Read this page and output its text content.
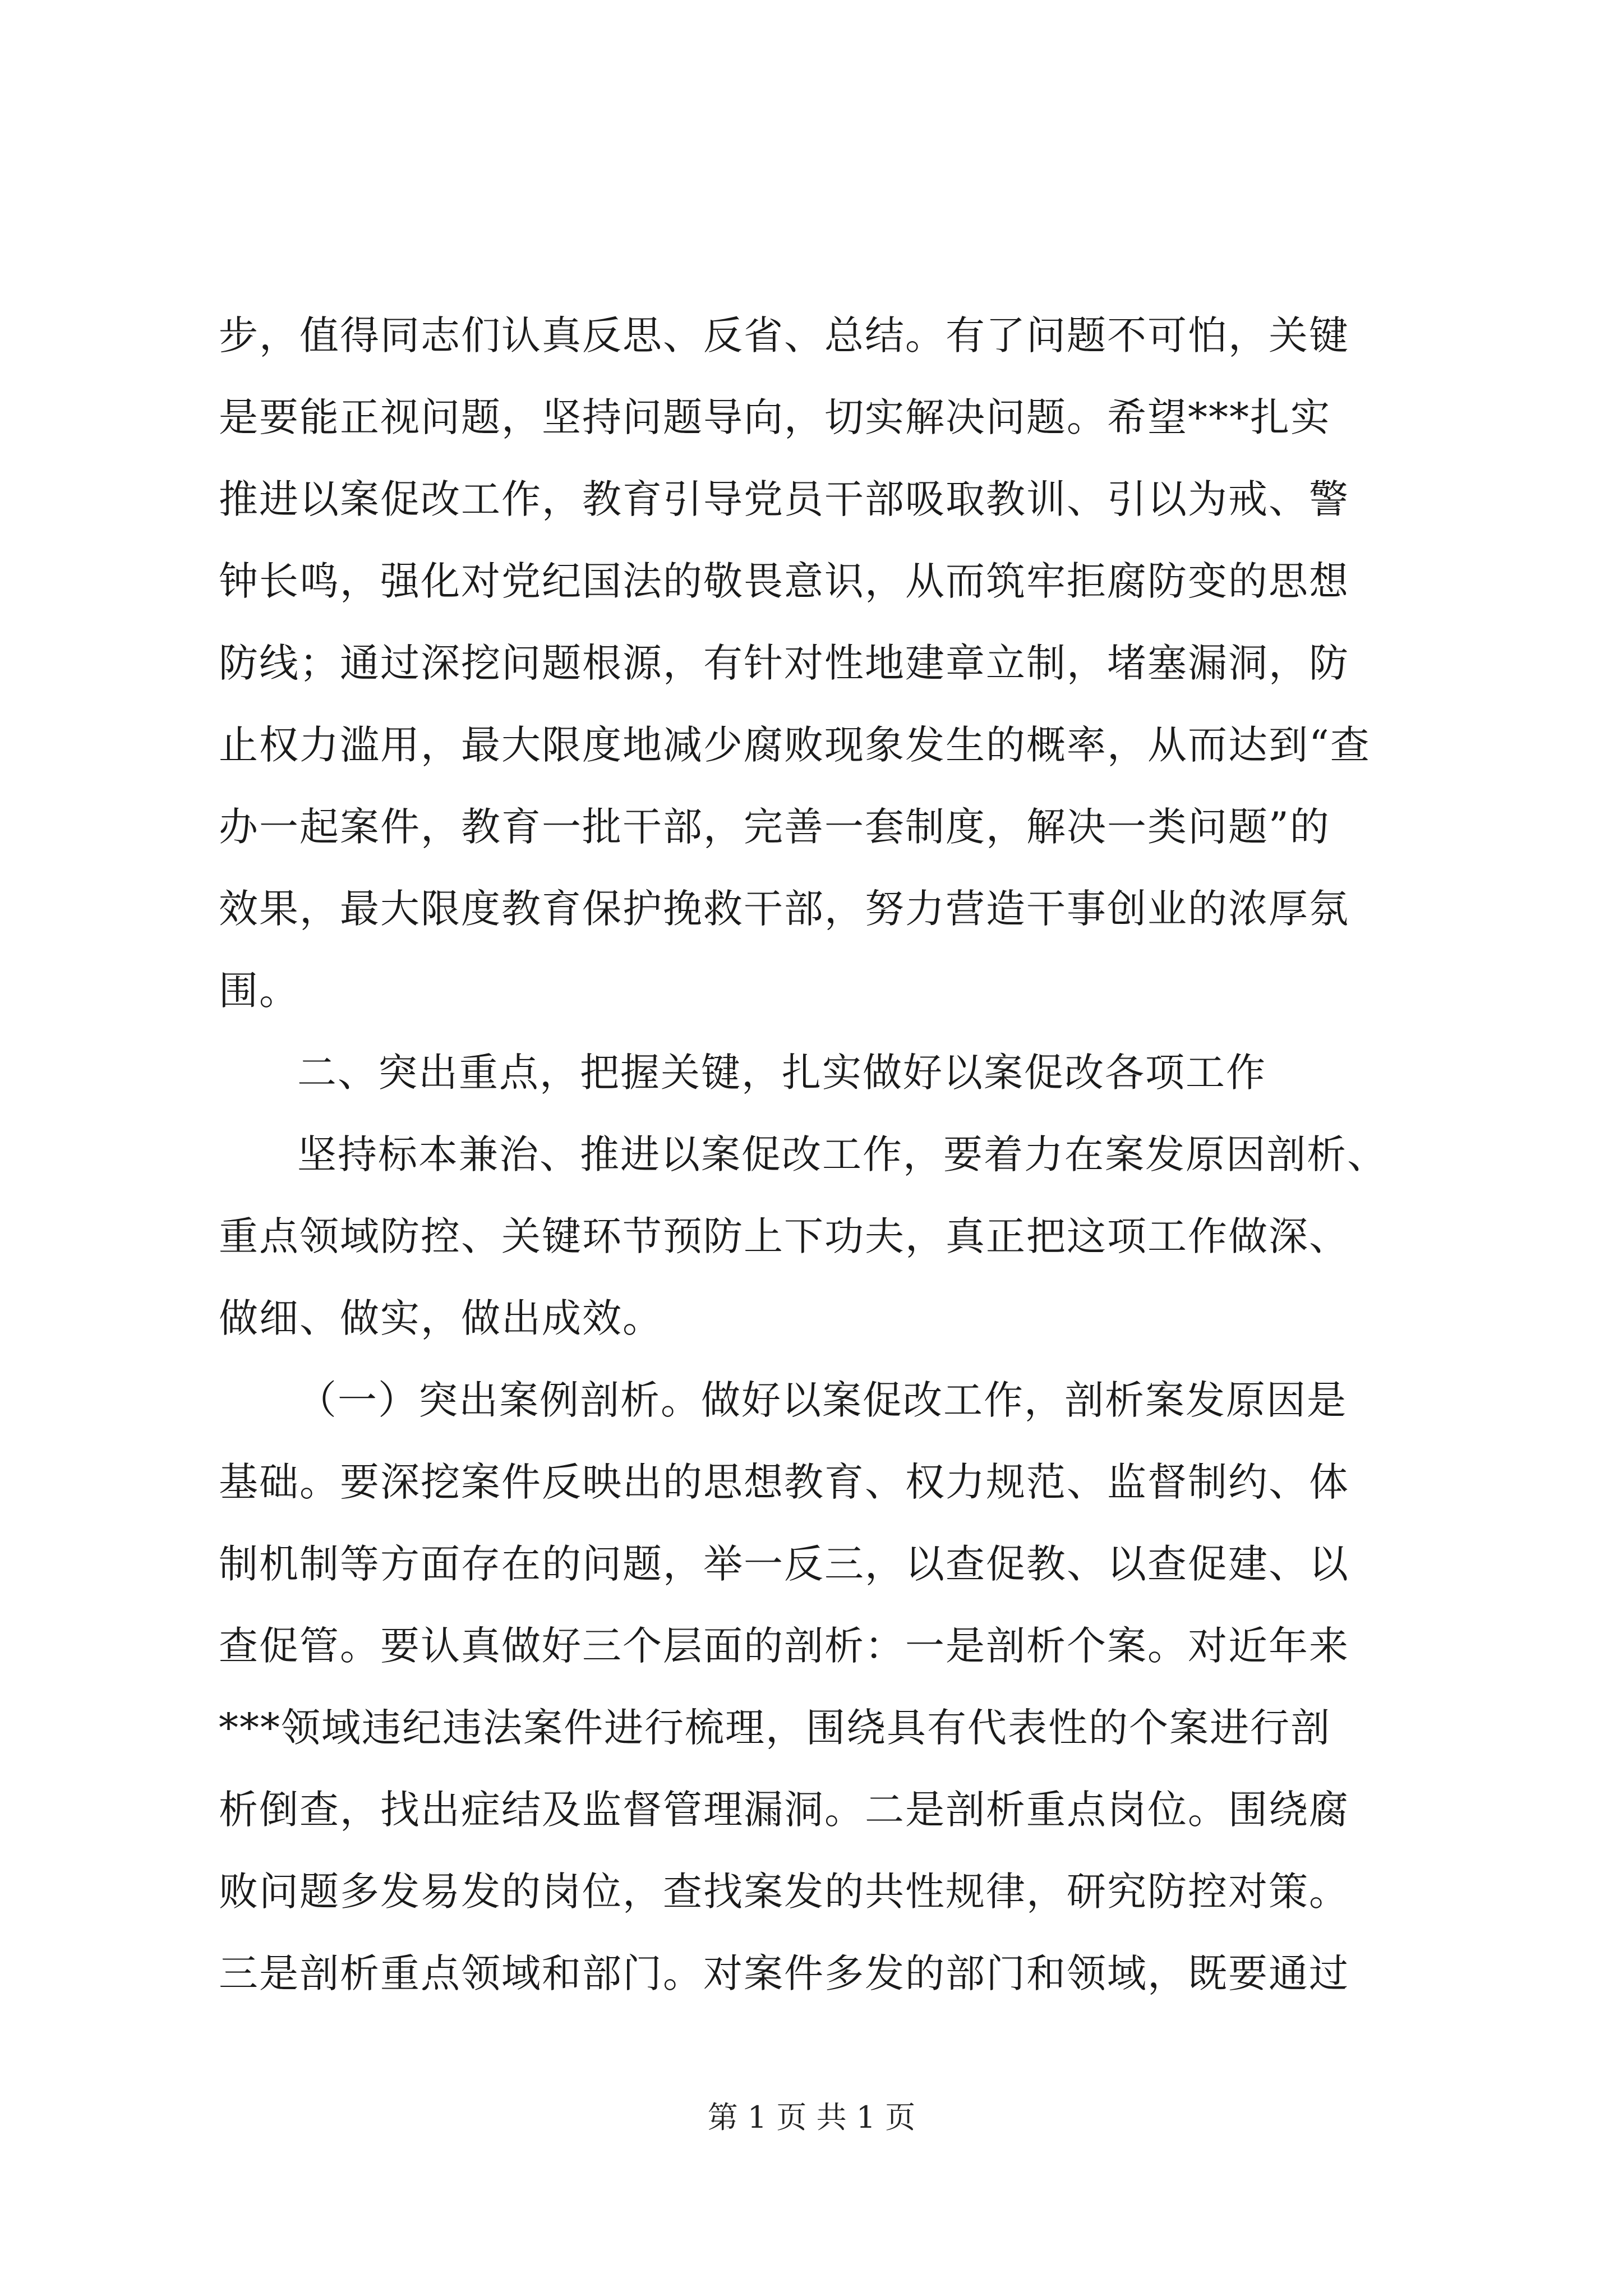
步，值得同志们认真反思、反省、总结。有了问题不可怕，关键
是要能正视问题，坚持问题导向，切实解决问题。希望***扎实
推进以案促改工作，教育引导党员干部吸取教训、引以为戒、警
钟长鸣，强化对党纪国法的敬畏意识，从而筑牢拒腐防变的思想
防线；通过深挖问题根源，有针对性地建章立制，堵塞漏洞，防
止权力滥用，最大限度地减少腐败现象发生的概率，从而达到“查
办一起案件，教育一批干部，完善一套制度，解决一类问题”的
效果，最大限度教育保护挽救干部，努力营造干事创业的浓厚氛
围。
二、突出重点，把握关键，扎实做好以案促改各项工作
坚持标本兼治、推进以案促改工作，要着力在案发原因剖析、
重点领域防控、关键环节预防上下功夫，真正把这项工作做深、
做细、做实，做出成效。
（一）突出案例剖析。做好以案促改工作，剖析案发原因是
基础。要深挖案件反映出的思想教育、权力规范、监督制约、体
制机制等方面存在的问题，举一反三，以查促教、以查促建、以
查促管。要认真做好三个层面的剖析：一是剖析个案。对近年来
***领域违纪违法案件进行梳理，围绕具有代表性的个案进行剖
析倒查，找出症结及监督管理漏洞。二是剖析重点岗位。围绕腐
败问题多发易发的岗位，查找案发的共性规律，研究防控对策。
三是剖析重点领域和部门。对案件多发的部门和领域，既要通过
第 1 页 共 1 页
